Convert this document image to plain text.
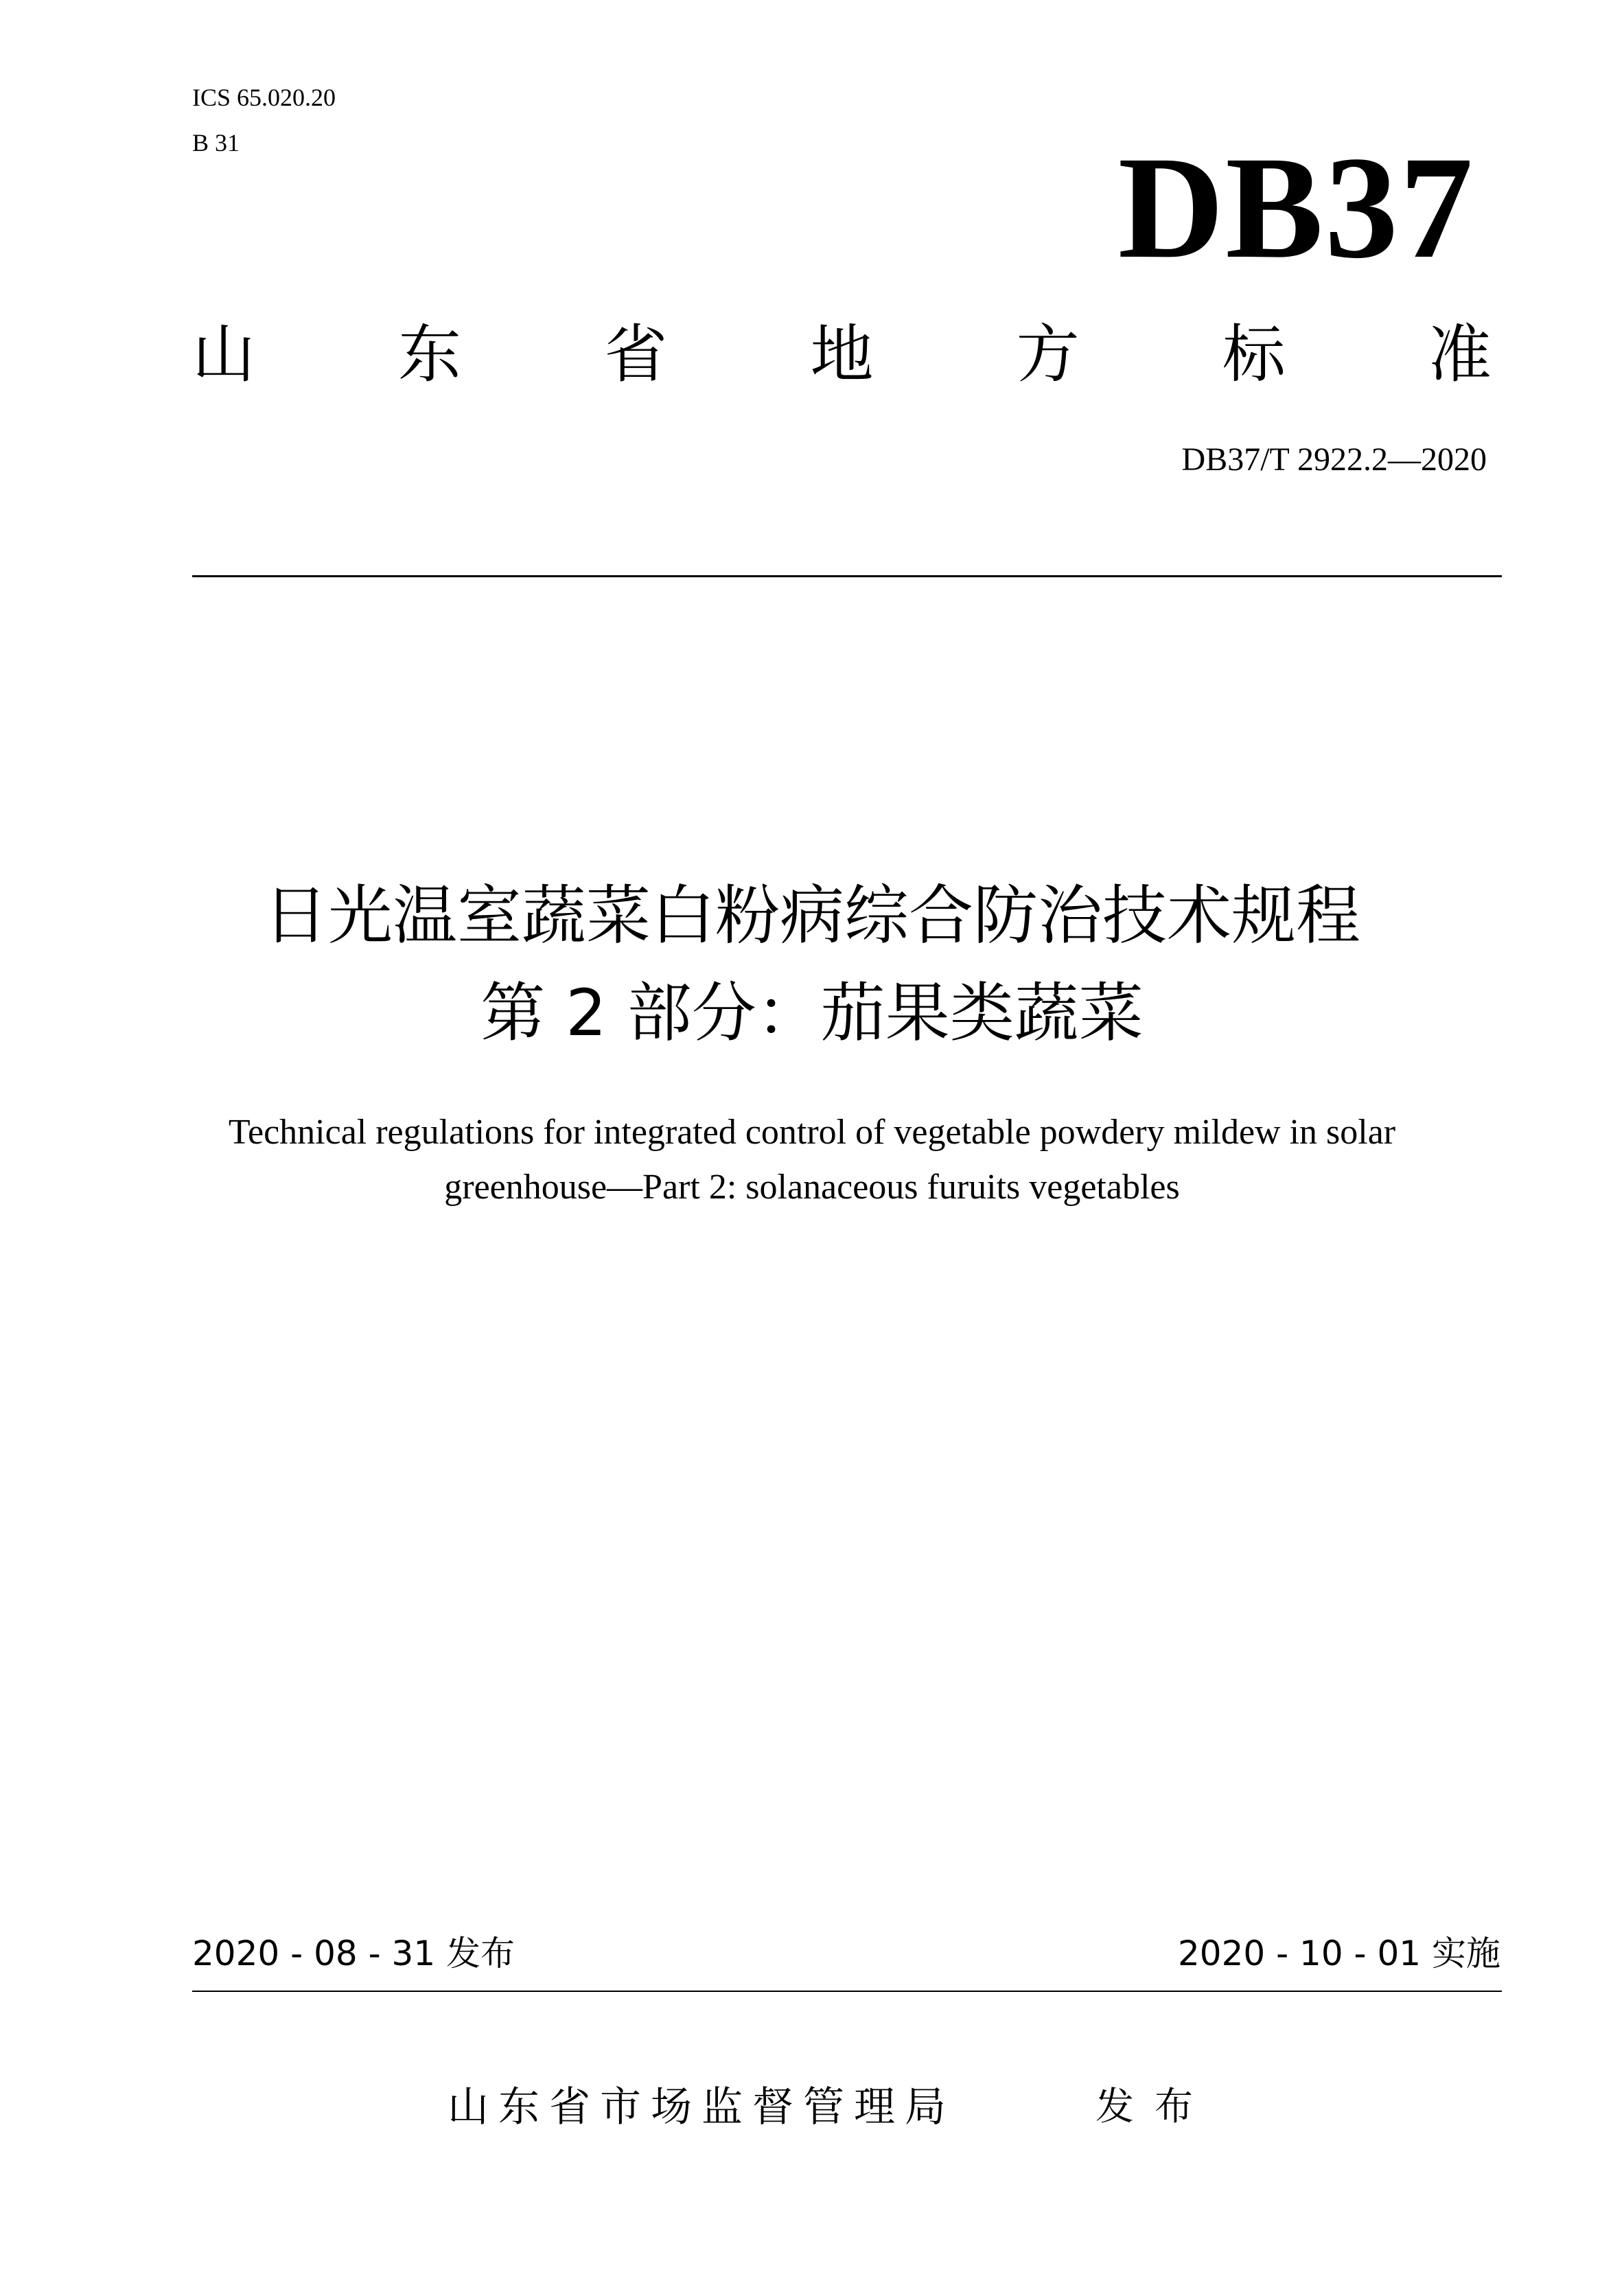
ICS 65.020.20
B 31	DB37
山 东 省 地 方 标 准
DB37/T 2922.2—2020
日光温室蔬菜白粉病综合防治技术规程
第 2 部分：茄果类蔬菜
Technical regulations for integrated control of vegetable powdery mildew in solar
greenhouse—Part 2: solanaceous furuits vegetables
2020 - 08 - 31 发布	2020 - 10 - 01 实施
山东省市场监督管理局	发布
